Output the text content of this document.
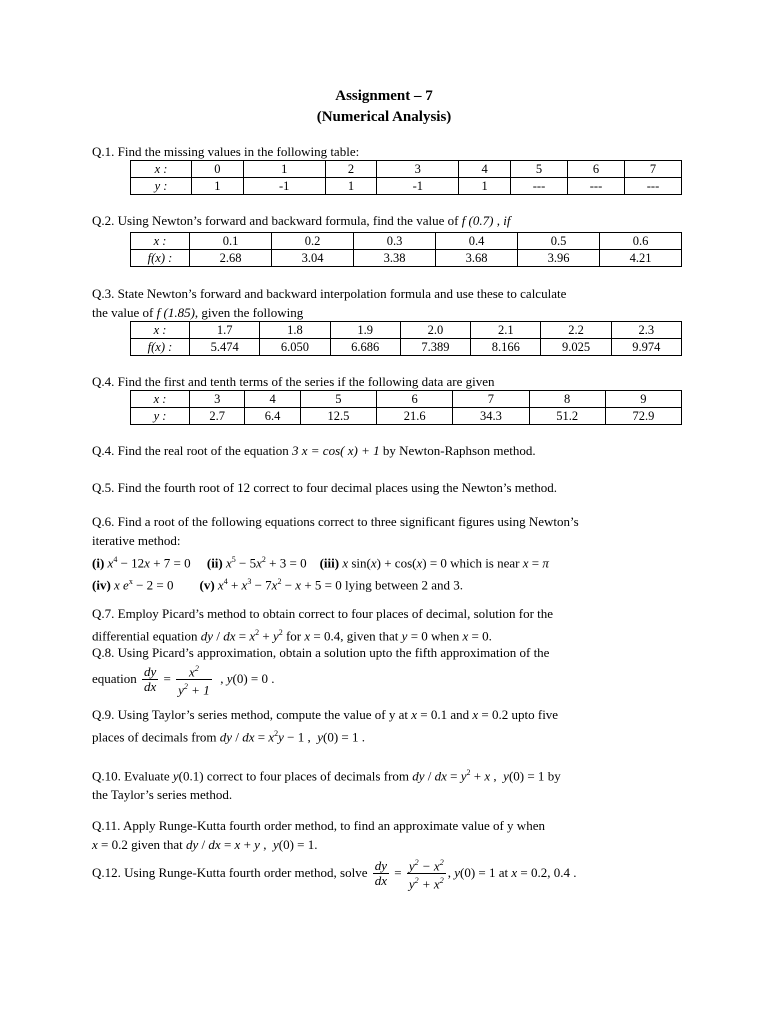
Assignment – 7
(Numerical Analysis)
Q.1. Find the missing values in the following table:
x :	0	1	2	3	4	5	6	7
y :	1	-1	1	-1	1	---	---	---
Q.2. Using Newton’s forward and backward formula, find the value of f (0.7) , if
x :	0.1	0.2	0.3	0.4	0.5	0.6
f(x) :	2.68	3.04	3.38	3.68	3.96	4.21
Q.3. State Newton’s forward and backward interpolation formula and use these to calculate
the value of f (1.85), given the following
x :	1.7	1.8	1.9	2.0	2.1	2.2	2.3
f(x) :	5.474	6.050	6.686	7.389	8.166	9.025	9.974
Q.4. Find the first and tenth terms of the series if the following data are given
x :	3	4	5	6	7	8	9
y :	2.7	6.4	12.5	21.6	34.3	51.2	72.9
Q.4. Find the real root of the equation 3 x = cos( x) + 1 by Newton-Raphson method.
Q.5. Find the fourth root of 12 correct to four decimal places using the Newton’s method.
Q.6. Find a root of the following equations correct to three significant figures using Newton’s
iterative method:
(i) $x^4 - 12x + 7 = 0$     (ii) $x^5 - 5x^2 + 3 = 0$    (iii) x sin(x) + cos(x) = 0 which is near x = π
(iv) x $e^x - 2 = 0$        (v) $x^4 + x^3 - 7x^2 - x + 5 = 0$ lying between 2 and 3.
Q.7. Employ Picard’s method to obtain correct to four places of decimal, solution for the
differential equation dy / dx = $x^2 + y^2$ for x = 0.4, given that y = 0 when x = 0.
Q.8. Using Picard’s approximation, obtain a solution upto the fifth approximation of the
equation $\frac{dy}{dx} = \frac{x^2}{y^2 + 1}$ , y(0) = 0 .
Q.9. Using Taylor’s series method, compute the value of y at x = 0.1 and x = 0.2 upto five
places of decimals from dy / dx = $x^2y - 1$ ,  y(0) = 1 .
Q.10. Evaluate y(0.1) correct to four places of decimals from dy / dx = $y^2 + x$ ,  y(0) = 1 by
the Taylor’s series method.
Q.11. Apply Runge-Kutta fourth order method, to find an approximate value of y when
x = 0.2 given that dy / dx = x + y ,  y(0) = 1.
Q.12. Using Runge-Kutta fourth order method, solve $\frac{dy}{dx} = \frac{y^2 - x^2}{y^2 + x^2}$ , y(0) = 1 at x = 0.2, 0.4 .
